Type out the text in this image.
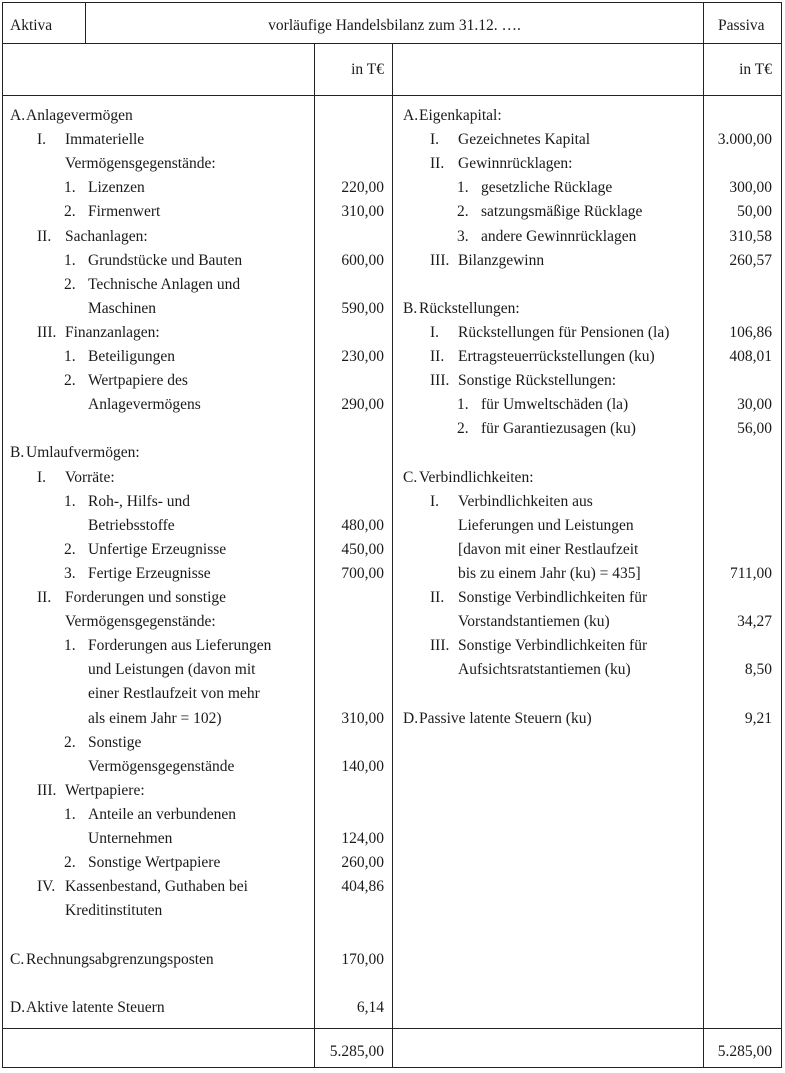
Aktiva	vorläufige Handelsbilanz zum 31.12. ….	Passiva
in T€	in T€
A. Anlagevermögen
I. Immaterielle
Vermögensgegenstände:
1. Lizenzen	220,00
2. Firmenwert	310,00
II. Sachanlagen:
1. Grundstücke und Bauten	600,00
2. Technische Anlagen und
Maschinen	590,00
III. Finanzanlagen:
1. Beteiligungen	230,00
2. Wertpapiere des
Anlagevermögens	290,00
B. Umlaufvermögen:
I. Vorräte:
1. Roh-, Hilfs- und
Betriebsstoffe	480,00
2. Unfertige Erzeugnisse	450,00
3. Fertige Erzeugnisse	700,00
II. Forderungen und sonstige
Vermögensgegenstände:
1. Forderungen aus Lieferungen
und Leistungen (davon mit
einer Restlaufzeit von mehr
als einem Jahr = 102)	310,00
2. Sonstige
Vermögensgegenstände	140,00
III. Wertpapiere:
1. Anteile an verbundenen
Unternehmen	124,00
2. Sonstige Wertpapiere	260,00
IV. Kassenbestand, Guthaben bei	404,86
Kreditinstituten
C. Rechnungsabgrenzungsposten	170,00
D. Aktive latente Steuern	6,14
A. Eigenkapital:
I. Gezeichnetes Kapital	3.000,00
II. Gewinnrücklagen:
1. gesetzliche Rücklage	300,00
2. satzungsmäßige Rücklage	50,00
3. andere Gewinnrücklagen	310,58
III. Bilanzgewinn	260,57
B. Rückstellungen:
I. Rückstellungen für Pensionen (la)	106,86
II. Ertragsteuerrückstellungen (ku)	408,01
III. Sonstige Rückstellungen:
1. für Umweltschäden (la)	30,00
2. für Garantiezusagen (ku)	56,00
C. Verbindlichkeiten:
I. Verbindlichkeiten aus
Lieferungen und Leistungen
[davon mit einer Restlaufzeit
bis zu einem Jahr (ku) = 435]	711,00
II. Sonstige Verbindlichkeiten für
Vorstandstantiemen (ku)	34,27
III. Sonstige Verbindlichkeiten für
Aufsichtsratstantiemen (ku)	8,50
D. Passive latente Steuern (ku)	9,21
5.285,00	5.285,00
